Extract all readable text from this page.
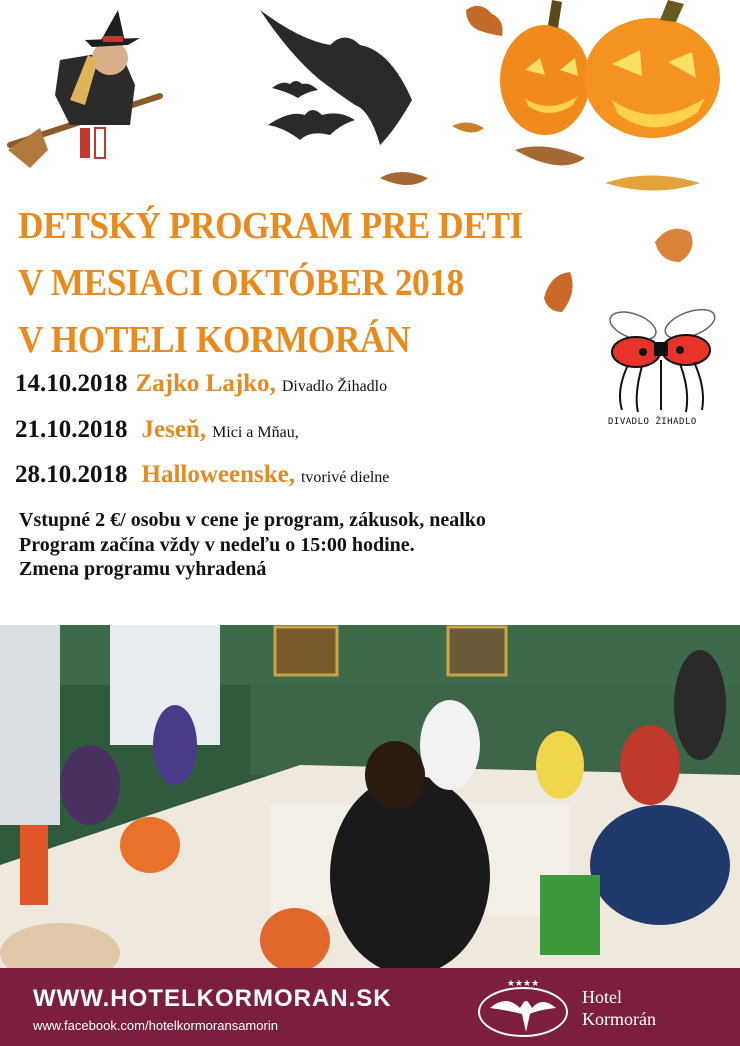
DETSKÝ PROGRAM PRE DETI
V MESIACI OKTÓBER 2018
V HOTELI KORMORÁN
DIVADLO ŽIHADLO
14.10.2018 Zajko Lajko, Divadlo Žihadlo
21.10.2018 Jeseň, Mici a Mňau,
28.10.2018 Halloweenske, tvorivé dielne
Vstupné 2 €/ osobu v cene je program, zákusok, nealko
Program začína vždy v nedeľu o 15:00 hodine.
Zmena programu vyhradená
WWW.HOTELKORMORAN.SK
www.facebook.com/hotelkormoransamorin
★★★★
Hotel
Kormorán
